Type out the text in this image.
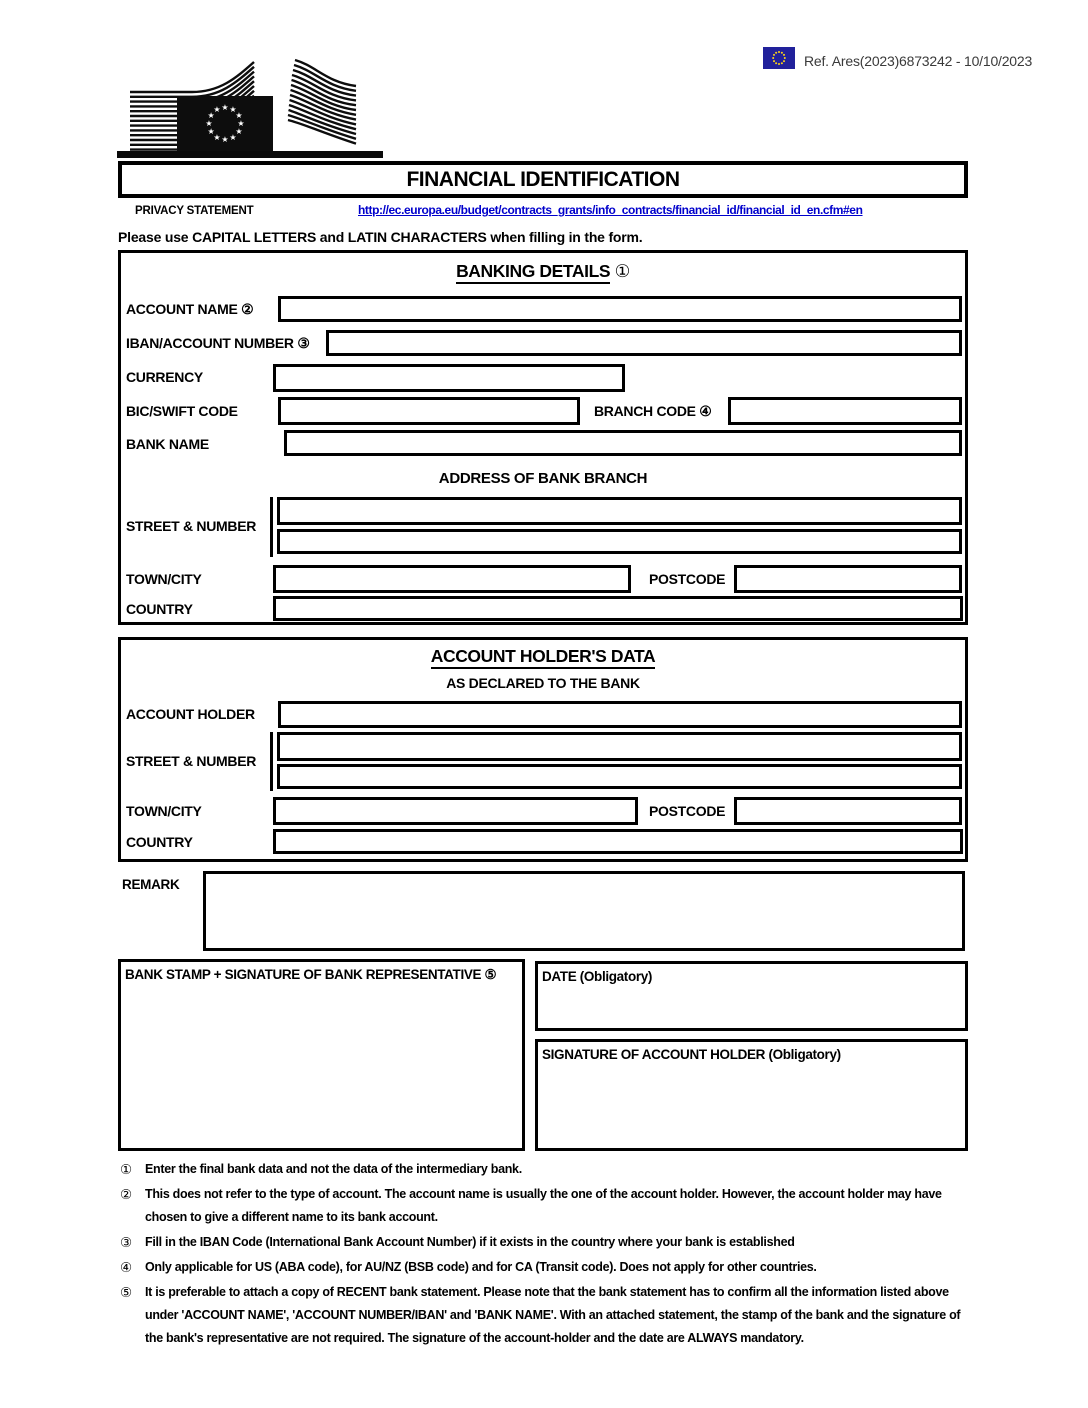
Ref. Ares(2023)6873242 - 10/10/2023
★ ★
★
★
★
★
★
★
★
★
★
★
FINANCIAL IDENTIFICATION
PRIVACY STATEMENT	http://ec.europa.eu/budget/contracts_grants/info_contracts/financial_id/financial_id_en.cfm#en
Please use CAPITAL LETTERS and LATIN CHARACTERS when filling in the form.
BANKING DETAILS ①
ACCOUNT NAME ②
IBAN/ACCOUNT NUMBER ③
CURRENCY
BIC/SWIFT CODE	BRANCH CODE ④
BANK NAME
ADDRESS OF BANK BRANCH
STREET & NUMBER
TOWN/CITY	POSTCODE
COUNTRY
ACCOUNT HOLDER'S DATA
AS DECLARED TO THE BANK
ACCOUNT HOLDER
STREET & NUMBER
TOWN/CITY	POSTCODE
COUNTRY
REMARK
BANK STAMP + SIGNATURE OF BANK REPRESENTATIVE ⑤	DATE (Obligatory)
SIGNATURE OF ACCOUNT HOLDER (Obligatory)
①	Enter the final bank data and not the data of the intermediary bank.
②	This does not refer to the type of account. The account name is usually the one of the account holder. However, the account holder may have chosen to give a different name to its bank account.
③	Fill in the IBAN Code (International Bank Account Number) if it exists in the country where your bank is established
④	Only applicable for US (ABA code), for AU/NZ (BSB code) and for CA (Transit code). Does not apply for other countries.
⑤	It is preferable to attach a copy of RECENT bank statement. Please note that the bank statement has to confirm all the information listed above under 'ACCOUNT NAME', 'ACCOUNT NUMBER/IBAN' and 'BANK NAME'. With an attached statement, the stamp of the bank and the signature of the bank's representative are not required. The signature of the account-holder and the date are ALWAYS mandatory.
